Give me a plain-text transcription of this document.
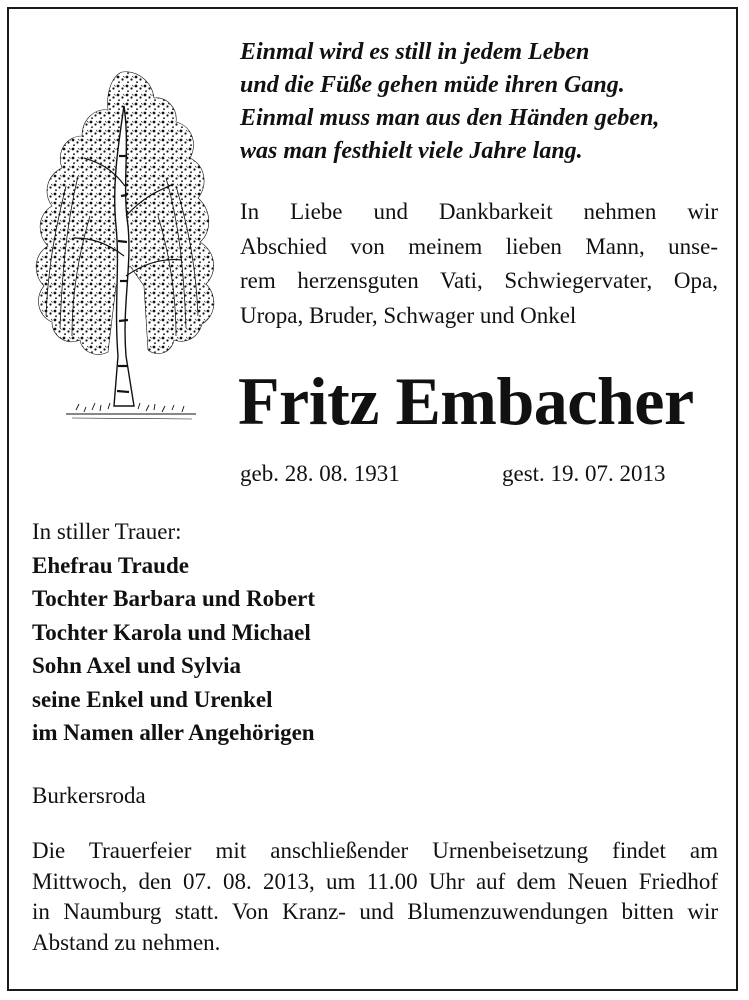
Einmal wird es still in jedem Leben
und die Füße gehen müde ihren Gang.
Einmal muss man aus den Händen geben,
was man festhielt viele Jahre lang.
In Liebe und Dankbarkeit nehmen wir
Abschied von meinem lieben Mann, unse-
rem herzensguten Vati, Schwiegervater, Opa,
Uropa, Bruder, Schwager und Onkel
Fritz Embacher
geb. 28. 08. 1931	gest. 19. 07. 2013
In stiller Trauer:
Ehefrau Traude
Tochter Barbara und Robert
Tochter Karola und Michael
Sohn Axel und Sylvia
seine Enkel und Urenkel
im Namen aller Angehörigen
Burkersroda
Die Trauerfeier mit anschließender Urnenbeisetzung findet am
Mittwoch, den 07. 08. 2013, um 11.00 Uhr auf dem Neuen Friedhof
in Naumburg statt. Von Kranz- und Blumenzuwendungen bitten wir
Abstand zu nehmen.
